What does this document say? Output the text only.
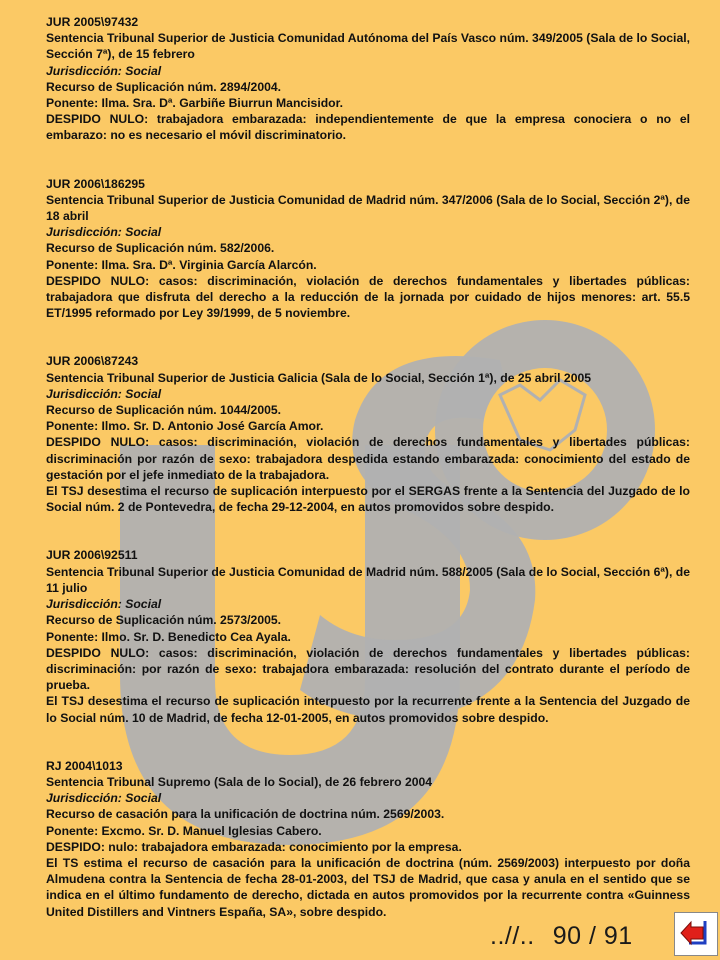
JUR 2005\97432

Sentencia Tribunal Superior de Justicia Comunidad Autónoma del País Vasco núm. 349/2005 (Sala de lo Social, Sección 7ª), de 15 febrero

Jurisdicción: Social

Recurso de Suplicación núm. 2894/2004.

Ponente: Ilma. Sra. Dª. Garbiñe Biurrun Mancisidor.

DESPIDO NULO: trabajadora embarazada: independientemente de que la empresa conociera o no el embarazo: no es necesario el móvil discriminatorio.

JUR 2006\186295

Sentencia Tribunal Superior de Justicia Comunidad de Madrid núm. 347/2006 (Sala de lo Social, Sección 2ª), de 18 abril

Jurisdicción: Social

Recurso de Suplicación núm. 582/2006.

Ponente: Ilma. Sra. Dª. Virginia García Alarcón.

DESPIDO NULO: casos: discriminación, violación de derechos fundamentales y libertades públicas: trabajadora que disfruta del derecho a la reducción de la jornada por cuidado de hijos menores: art. 55.5 ET/1995 reformado por Ley 39/1999, de 5 noviembre.

JUR 2006\87243

Sentencia Tribunal Superior de Justicia Galicia (Sala de lo Social, Sección 1ª), de 25 abril 2005

Jurisdicción: Social

Recurso de Suplicación núm. 1044/2005.

Ponente: Ilmo. Sr. D. Antonio José García Amor.

DESPIDO NULO: casos: discriminación, violación de derechos fundamentales y libertades públicas: discriminación por razón de sexo: trabajadora despedida estando embarazada: conocimiento del estado de gestación por el jefe inmediato de la trabajadora.

El TSJ desestima el recurso de suplicación interpuesto por el SERGAS frente a la Sentencia del Juzgado de lo Social núm. 2 de Pontevedra, de fecha 29-12-2004, en autos promovidos sobre despido.

JUR 2006\92511

Sentencia Tribunal Superior de Justicia Comunidad de Madrid núm. 588/2005 (Sala de lo Social, Sección 6ª), de 11 julio

Jurisdicción: Social

Recurso de Suplicación núm. 2573/2005.

Ponente: Ilmo. Sr. D. Benedicto Cea Ayala.

DESPIDO NULO: casos: discriminación, violación de derechos fundamentales y libertades públicas: discriminación: por razón de sexo: trabajadora embarazada: resolución del contrato durante el período de prueba.

El TSJ desestima el recurso de suplicación interpuesto por la recurrente frente a la Sentencia del Juzgado de lo Social núm. 10 de Madrid, de fecha 12-01-2005, en autos promovidos sobre despido.

RJ 2004\1013

Sentencia Tribunal Supremo (Sala de lo Social), de 26 febrero 2004

Jurisdicción: Social

Recurso de casación para la unificación de doctrina núm. 2569/2003.

Ponente: Excmo. Sr. D. Manuel Iglesias Cabero.

DESPIDO: nulo: trabajadora embarazada: conocimiento por la empresa.

El TS estima el recurso de casación para la unificación de doctrina (núm. 2569/2003) interpuesto por doña Almudena contra la Sentencia de fecha 28-01-2003, del TSJ de Madrid, que casa y anula en el sentido que se indica en el último fundamento de derecho, dictada en autos promovidos por la recurrente contra «Guinness United Distillers and Vintners España, SA», sobre despido.

..//.. 90 / 91
